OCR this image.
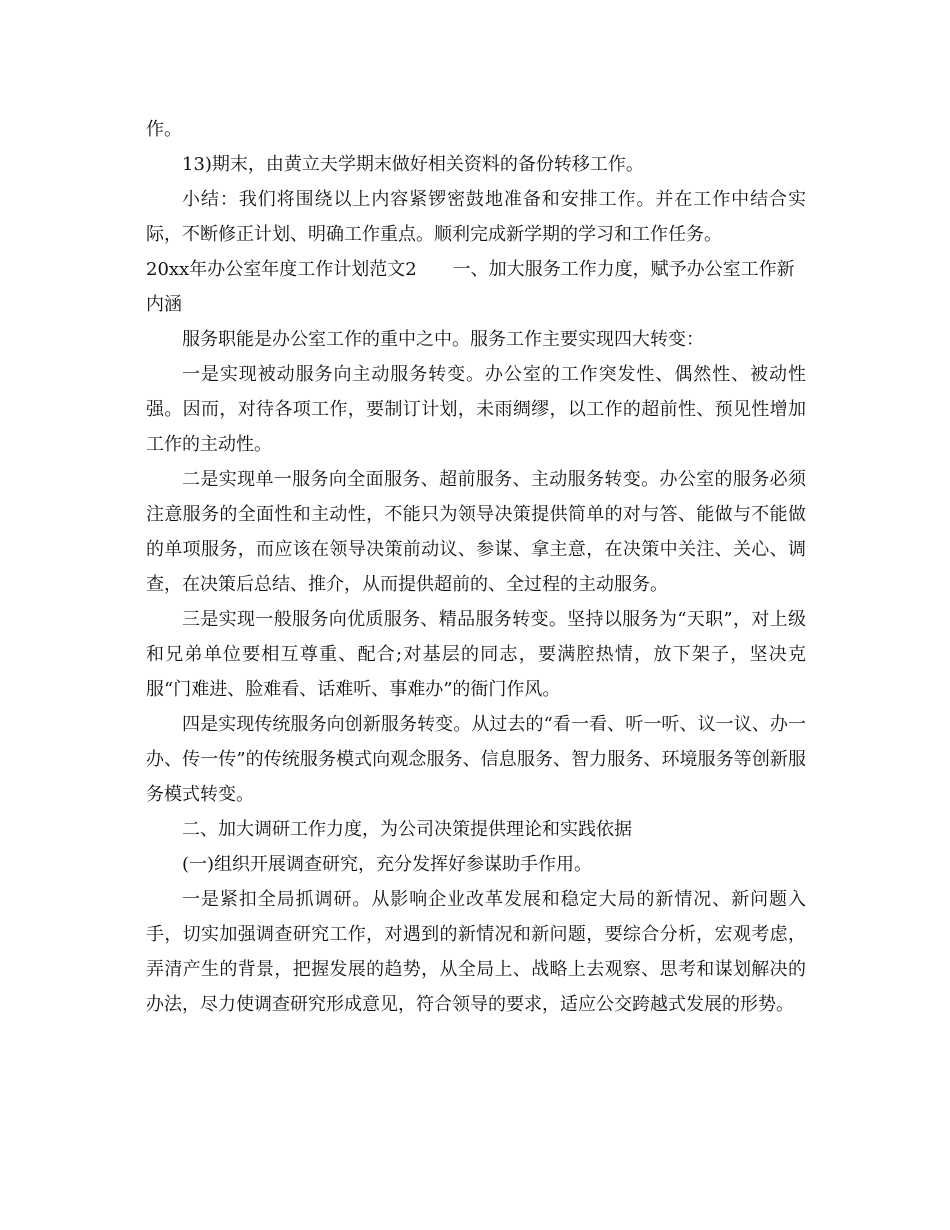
作。

13)期末，由黄立夫学期末做好相关资料的备份转移工作。

小结：我们将围绕以上内容紧锣密鼓地准备和安排工作。并在工作中结合实际，不断修正计划、明确工作重点。顺利完成新学期的学习和工作任务。

20xx年办公室年度工作计划范文2 一、加大服务工作力度，赋予办公室工作新内涵

服务职能是办公室工作的重中之中。服务工作主要实现四大转变：

一是实现被动服务向主动服务转变。办公室的工作突发性、偶然性、被动性强。因而，对待各项工作，要制订计划，未雨绸缪，以工作的超前性、预见性增加工作的主动性。

二是实现单一服务向全面服务、超前服务、主动服务转变。办公室的服务必须注意服务的全面性和主动性，不能只为领导决策提供简单的对与答、能做与不能做的单项服务，而应该在领导决策前动议、参谋、拿主意，在决策中关注、关心、调查，在决策后总结、推介，从而提供超前的、全过程的主动服务。

三是实现一般服务向优质服务、精品服务转变。坚持以服务为“天职”，对上级和兄弟单位要相互尊重、配合;对基层的同志，要满腔热情，放下架子，坚决克服“门难进、脸难看、话难听、事难办”的衙门作风。

四是实现传统服务向创新服务转变。从过去的“看一看、听一听、议一议、办一办、传一传”的传统服务模式向观念服务、信息服务、智力服务、环境服务等创新服务模式转变。

二、加大调研工作力度，为公司决策提供理论和实践依据

(一)组织开展调查研究，充分发挥好参谋助手作用。

一是紧扣全局抓调研。从影响企业改革发展和稳定大局的新情况、新问题入手，切实加强调查研究工作，对遇到的新情况和新问题，要综合分析，宏观考虑，弄清产生的背景，把握发展的趋势，从全局上、战略上去观察、思考和谋划解决的办法，尽力使调查研究形成意见，符合领导的要求，适应公交跨越式发展的形势。
